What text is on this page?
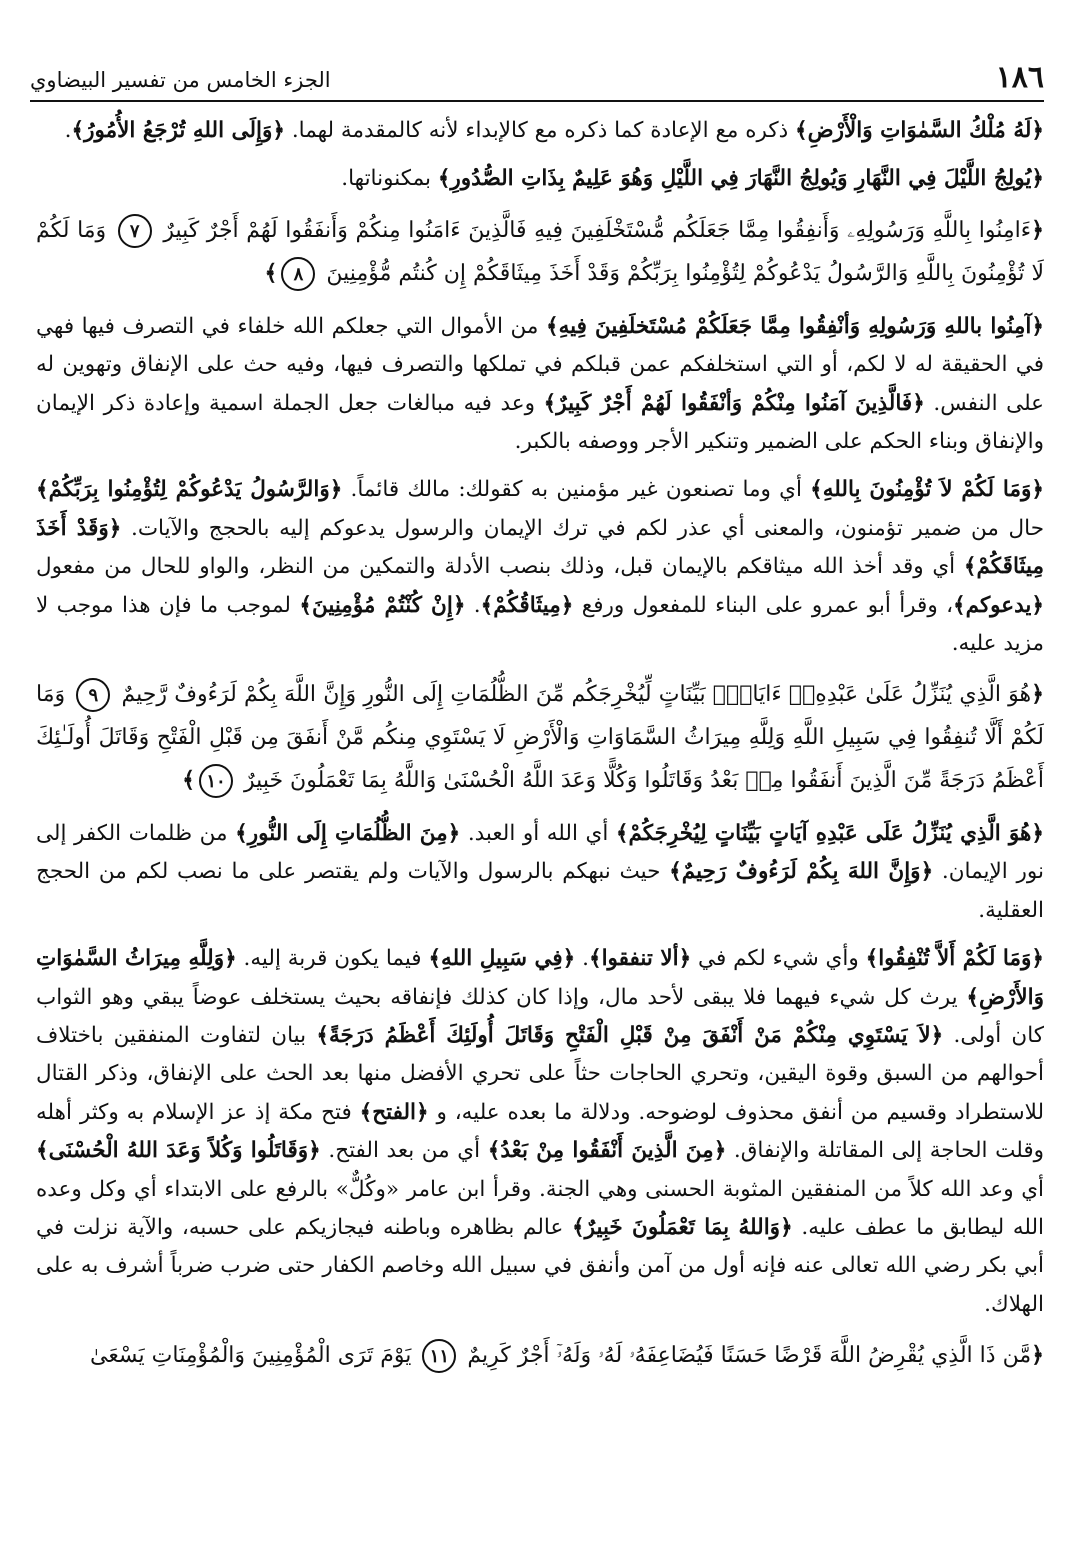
١٨٦
الجزء الخامس من تفسير البيضاوي

﴿لَهُ مُلْكُ السَّمٰوَاتِ وَالْأَرْضِ﴾ ذكره مع الإعادة كما ذكره مع كالإبداء لأنه كالمقدمة لهما. ﴿وَإِلَى اللهِ تُرْجَعُ الأُمُورُ﴾.

﴿يُولِجُ اللَّيْلَ فِي النَّهَارِ وَيُولِجُ النَّهَارَ فِي اللَّيْلِ وَهُوَ عَلِيمٌ بِذَاتِ الصُّدُورِ﴾ بمكنوناتها.

﴿ءَامِنُوا بِاللَّهِ وَرَسُولِهِۦ وَأَنفِقُوا مِمَّا جَعَلَكُم مُّسْتَخْلَفِينَ فِيهِ فَالَّذِينَ ءَامَنُوا مِنكُمْ وَأَنفَقُوا لَهُمْ أَجْرٌ كَبِيرٌ ٧ وَمَا لَكُمْ لَا تُؤْمِنُونَ بِاللَّهِ وَالرَّسُولُ يَدْعُوكُمْ لِتُؤْمِنُوا بِرَبِّكُمْ وَقَدْ أَخَذَ مِيثَاقَكُمْ إِن كُنتُم مُّؤْمِنِينَ ٨﴾

﴿آمِنُوا باللهِ وَرَسُولِهِ وَأنْفِقُوا مِمَّا جَعَلَكُمْ مُسْتَخلَفِينَ فِيهِ﴾ من الأموال التي جعلكم الله خلفاء في التصرف فيها فهي في الحقيقة له لا لكم، أو التي استخلفكم عمن قبلكم في تملكها والتصرف فيها، وفيه حث على الإنفاق وتهوين له على النفس. ﴿فَالَّذِينَ آمَنُوا مِنْكُمْ وَأنْفَقُوا لَهُمْ أَجْرٌ كَبِيرٌ﴾ وعد فيه مبالغات جعل الجملة اسمية وإعادة ذكر الإيمان والإنفاق وبناء الحكم على الضمير وتنكير الأجر ووصفه بالكبر.

﴿وَمَا لَكُمْ لاَ تُؤْمِنُونَ بِاللهِ﴾ أي وما تصنعون غير مؤمنين به كقولك: مالك قائماً. ﴿وَالرَّسُولُ يَدْعُوكُمْ لِتُؤْمِنُوا بِرَبِّكُمْ﴾ حال من ضمير تؤمنون، والمعنى أي عذر لكم في ترك الإيمان والرسول يدعوكم إليه بالحجج والآيات. ﴿وَقَدْ أَخَذَ مِيثَاقَكُمْ﴾ أي وقد أخذ الله ميثاقكم بالإيمان قبل، وذلك بنصب الأدلة والتمكين من النظر، والواو للحال من مفعول ﴿يدعوكم﴾، وقرأ أبو عمرو على البناء للمفعول ورفع ﴿مِيثَاقُكُمْ﴾. ﴿إِنْ كُنْتُمْ مُؤْمِنِينَ﴾ لموجب ما فإن هذا موجب لا مزيد عليه.

﴿هُوَ الَّذِي يُنَزِّلُ عَلَىٰ عَبْدِهِۦٓ ءَايَاتٍۭ بَيِّنَاتٍ لِّيُخْرِجَكُم مِّنَ الظُّلُمَاتِ إِلَى النُّورِ وَإِنَّ اللَّهَ بِكُمْ لَرَءُوفٌ رَّحِيمٌ ٩ وَمَا لَكُمْ أَلَّا تُنفِقُوا فِي سَبِيلِ اللَّهِ وَلِلَّهِ مِيرَاثُ السَّمَاوَاتِ وَالْأَرْضِ لَا يَسْتَوِي مِنكُم مَّنْ أَنفَقَ مِن قَبْلِ الْفَتْحِ وَقَاتَلَ أُولَـٰئِكَ أَعْظَمُ دَرَجَةً مِّنَ الَّذِينَ أَنفَقُوا مِنۢ بَعْدُ وَقَاتَلُوا وَكُلًّا وَعَدَ اللَّهُ الْحُسْنَىٰ وَاللَّهُ بِمَا تَعْمَلُونَ خَبِيرٌ ١٠﴾

﴿هُوَ الَّذِي يُنَزِّلُ عَلَى عَبْدِهِ آيَاتٍ بَيِّنَاتٍ لِيُخْرِجَكُمْ﴾ أي الله أو العبد. ﴿مِنَ الظُّلُمَاتِ إِلَى النُّورِ﴾ من ظلمات الكفر إلى نور الإيمان. ﴿وَإِنَّ اللهَ بِكُمْ لَرَءُوفٌ رَحِيمٌ﴾ حيث نبهكم بالرسول والآيات ولم يقتصر على ما نصب لكم من الحجج العقلية.

﴿وَمَا لَكُمْ أَلاَّ تُنْفِقُوا﴾ وأي شيء لكم في ﴿ألا تنفقوا﴾. ﴿فِي سَبِيلِ اللهِ﴾ فيما يكون قربة إليه. ﴿وَلِلَّهِ مِيرَاثُ السَّمٰوَاتِ وَالأَرْضِ﴾ يرث كل شيء فيهما فلا يبقى لأحد مال، وإذا كان كذلك فإنفاقه بحيث يستخلف عوضاً يبقي وهو الثواب كان أولى. ﴿لاَ يَسْتَوِي مِنْكُمْ مَنْ أَنْفَقَ مِنْ قَبْلِ الْفَتْحِ وَقَاتَلَ أُولَئِكَ أَعْظَمُ دَرَجَةً﴾ بيان لتفاوت المنفقين باختلاف أحوالهم من السبق وقوة اليقين، وتحري الحاجات حثاً على تحري الأفضل منها بعد الحث على الإنفاق، وذكر القتال للاستطراد وقسيم من أنفق محذوف لوضوحه. ودلالة ما بعده عليه، و ﴿الفتح﴾ فتح مكة إذ عز الإسلام به وكثر أهله وقلت الحاجة إلى المقاتلة والإنفاق. ﴿مِنَ الَّذِينَ أَنْفَقُوا مِنْ بَعْدُ﴾ أي من بعد الفتح. ﴿وَقَاتَلُوا وَكُلاً وَعَدَ اللهُ الْحُسْنَى﴾ أي وعد الله كلاً من المنفقين المثوبة الحسنى وهي الجنة. وقرأ ابن عامر «وكُلٌّ» بالرفع على الابتداء أي وكل وعده الله ليطابق ما عطف عليه. ﴿وَاللهُ بِمَا تَعْمَلُونَ خَبِيرٌ﴾ عالم بظاهره وباطنه فيجازيكم على حسبه، والآية نزلت في أبي بكر رضي الله تعالى عنه فإنه أول من آمن وأنفق في سبيل الله وخاصم الكفار حتى ضرب ضرباً أشرف به على الهلاك.

﴿مَّن ذَا الَّذِي يُقْرِضُ اللَّهَ قَرْضًا حَسَنًا فَيُضَاعِفَهُۥ لَهُۥ وَلَهُۥٓ أَجْرٌ كَرِيمٌ ١١ يَوْمَ تَرَى الْمُؤْمِنِينَ وَالْمُؤْمِنَاتِ يَسْعَىٰ
